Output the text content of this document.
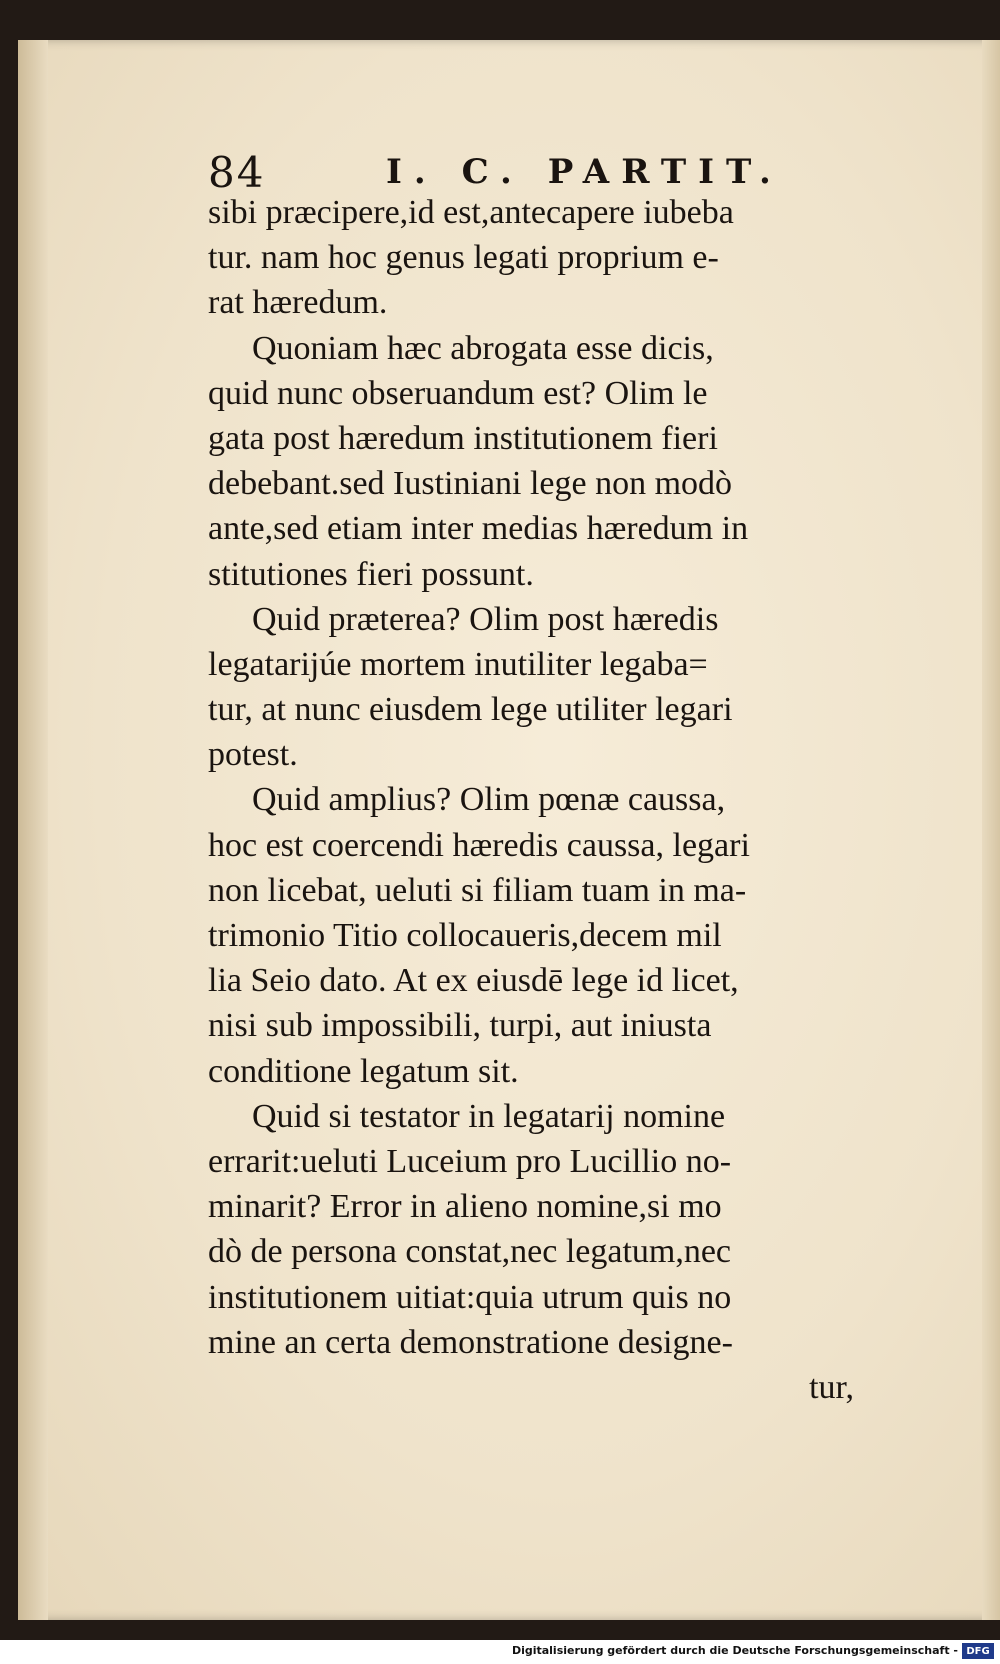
84	I. C. PARTIT.
sibi præcipere,id est,antecapere iubeba
tur. nam hoc genus legati proprium e-
rat hæredum.
Quoniam hæc abrogata esse dicis,
quid nunc obseruandum est? Olim le
gata post hæredum institutionem fieri
debebant.sed Iustiniani lege non modò
ante,sed etiam inter medias hæredum in
stitutiones fieri possunt.
Quid præterea? Olim post hæredis
legatarijúe mortem inutiliter legaba=
tur, at nunc eiusdem lege utiliter legari
potest.
Quid amplius? Olim pœnæ caussa,
hoc est coercendi hæredis caussa, legari
non licebat, ueluti si filiam tuam in ma-
trimonio Titio collocaueris,decem mil
lia Seio dato. At ex eiusdē lege id licet,
nisi sub impossibili, turpi, aut iniusta
conditione legatum sit.
Quid si testator in legatarij nomine
errarit:ueluti Luceium pro Lucillio no-
minarit? Error in alieno nomine,si mo
dò de persona constat,nec legatum,nec
institutionem uitiat:quia utrum quis no
mine an certa demonstratione designe-
tur,
Digitalisierung gefördert durch die Deutsche Forschungsgemeinschaft - DFG
